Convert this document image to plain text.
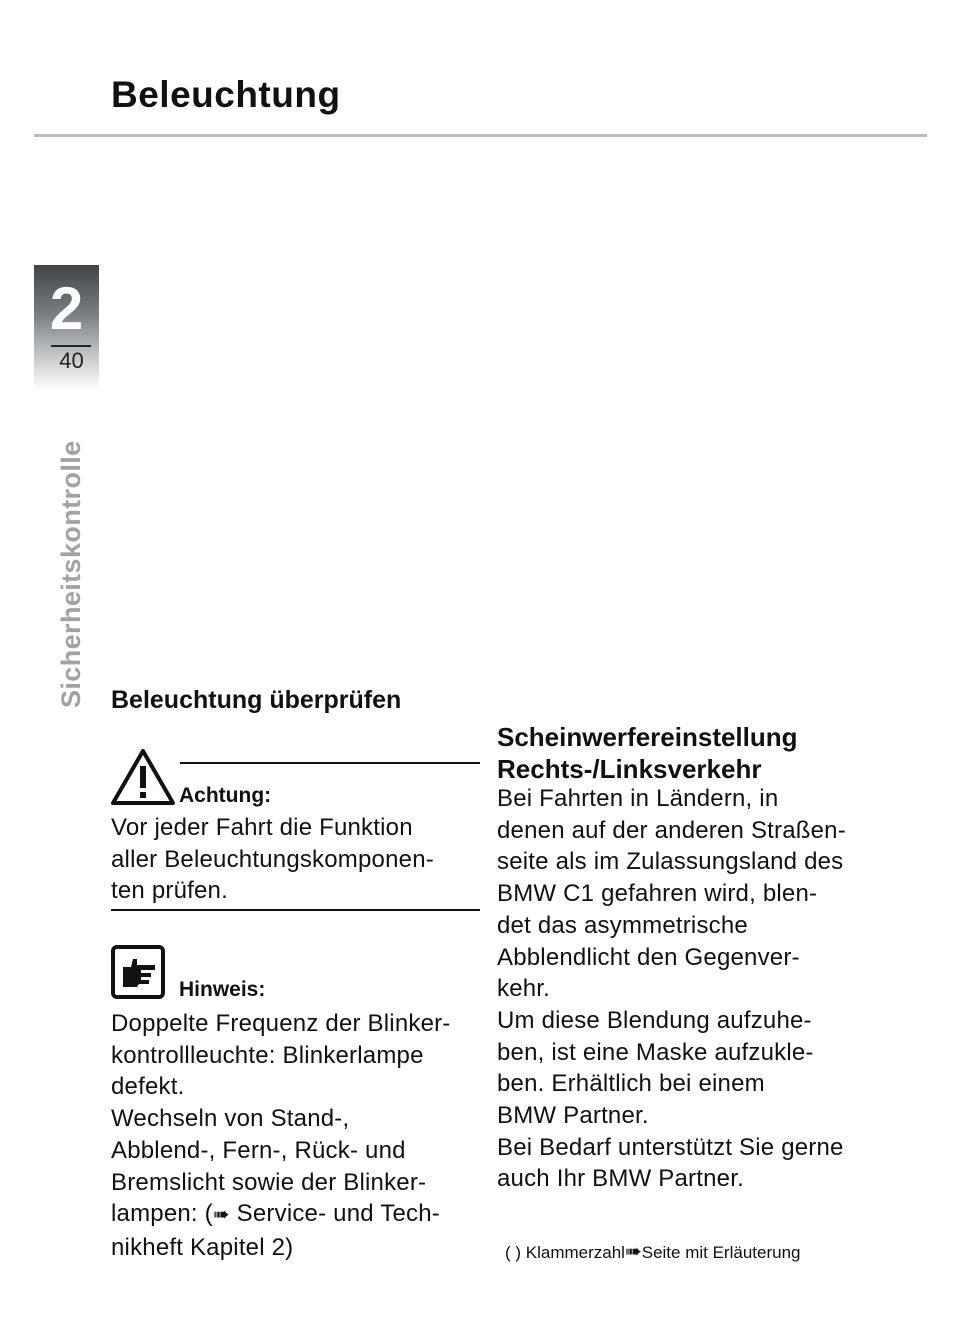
Beleuchtung
2
40
Sicherheitskontrolle Beleuchtung überprüfen
Achtung:
Vor jeder Fahrt die Funktion
aller Beleuchtungskomponen-
ten prüfen.
Hinweis:
Doppelte Frequenz der Blinker-
kontrollleuchte: Blinkerlampe
defekt.
Wechseln von Stand-,
Abblend-, Fern-, Rück- und
Bremslicht sowie der Blinker-
lampen: (➠ Service- und Tech-
nikheft Kapitel 2)
Scheinwerfereinstellung
Rechts-/Linksverkehr
Bei Fahrten in Ländern, in
denen auf der anderen Straßen-
seite als im Zulassungsland des
BMW C1 gefahren wird, blen-
det das asymmetrische
Abblendlicht den Gegenver-
kehr.
Um diese Blendung aufzuhe-
ben, ist eine Maske aufzukle-
ben. Erhältlich bei einem
BMW Partner.
Bei Bedarf unterstützt Sie gerne
auch Ihr BMW Partner.
( ) Klammerzahl➠Seite mit Erläuterung
